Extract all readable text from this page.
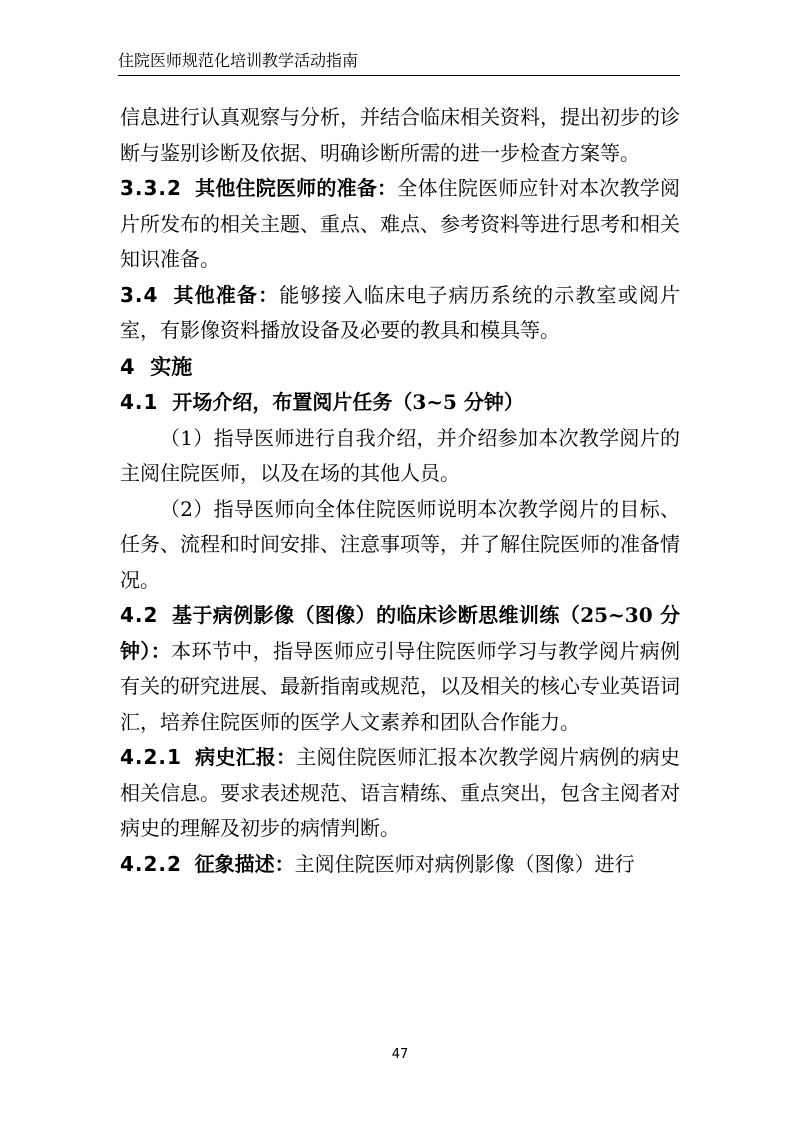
住院医师规范化培训教学活动指南

信息进行认真观察与分析，并结合临床相关资料，提出初步的诊断与鉴别诊断及依据、明确诊断所需的进一步检查方案等。

3.3.2 其他住院医师的准备：全体住院医师应针对本次教学阅片所发布的相关主题、重点、难点、参考资料等进行思考和相关知识准备。

3.4 其他准备：能够接入临床电子病历系统的示教室或阅片室，有影像资料播放设备及必要的教具和模具等。

4 实施

4.1 开场介绍，布置阅片任务（3~5 分钟）

（1）指导医师进行自我介绍，并介绍参加本次教学阅片的主阅住院医师，以及在场的其他人员。

（2）指导医师向全体住院医师说明本次教学阅片的目标、任务、流程和时间安排、注意事项等，并了解住院医师的准备情况。

4.2 基于病例影像（图像）的临床诊断思维训练（25~30 分钟）：本环节中，指导医师应引导住院医师学习与教学阅片病例有关的研究进展、最新指南或规范，以及相关的核心专业英语词汇，培养住院医师的医学人文素养和团队合作能力。

4.2.1 病史汇报：主阅住院医师汇报本次教学阅片病例的病史相关信息。要求表述规范、语言精练、重点突出，包含主阅者对病史的理解及初步的病情判断。

4.2.2 征象描述：主阅住院医师对病例影像（图像）进行

47
